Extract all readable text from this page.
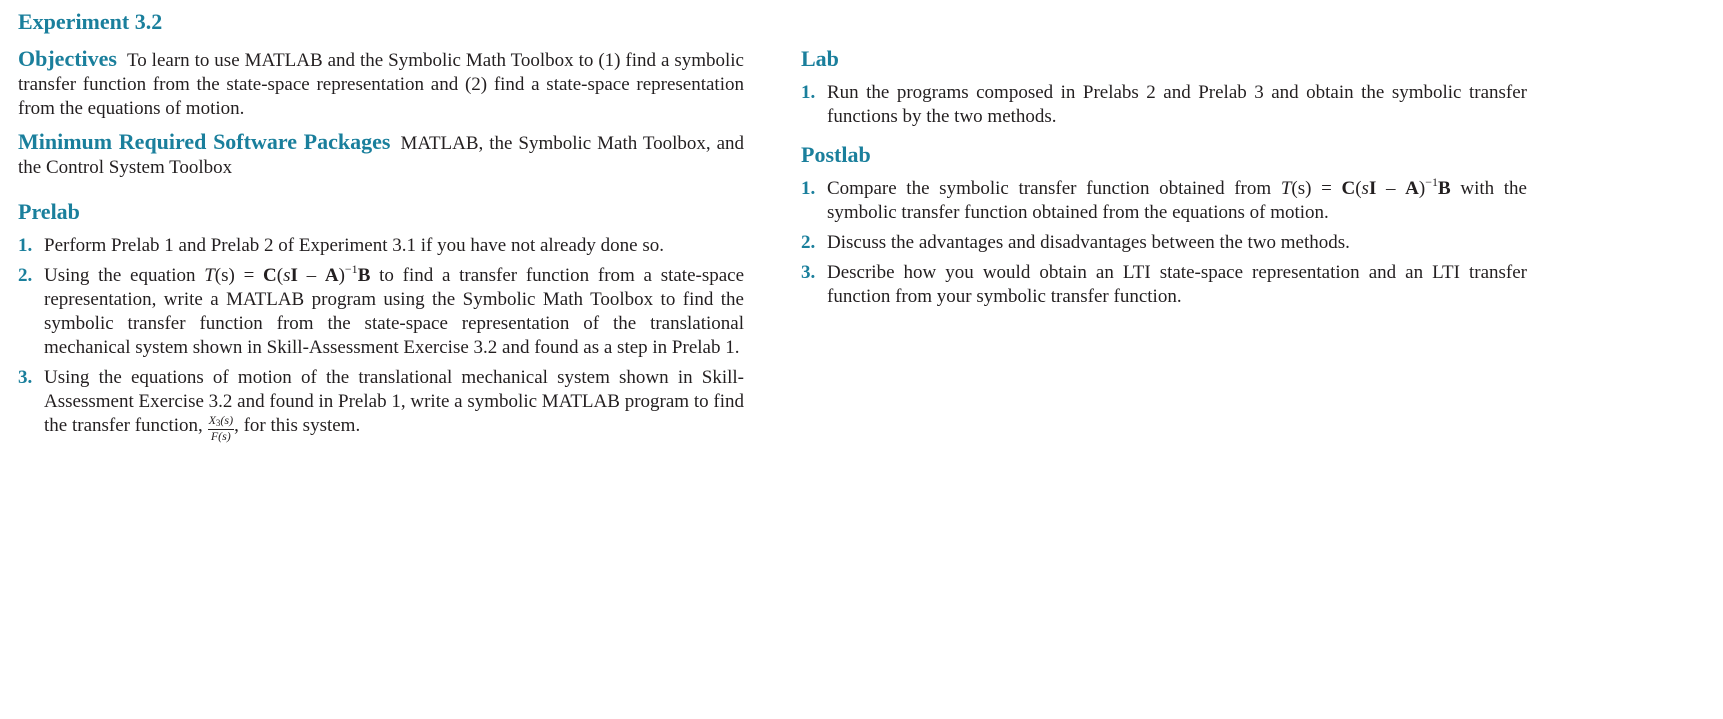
Experiment 3.2

Objectives To learn to use MATLAB and the Symbolic Math Toolbox to (1) find a symbolic transfer function from the state-space representation and (2) find a state-space representation from the equations of motion.

Minimum Required Software Packages MATLAB, the Symbolic Math Toolbox, and the Control System Toolbox

Prelab
1. Perform Prelab 1 and Prelab 2 of Experiment 3.1 if you have not already done so.
2. Using the equation T(s) = C(sI – A)$^{-1}$B to find a transfer function from a state-space representation, write a MATLAB program using the Symbolic Math Toolbox to find the symbolic transfer function from the state-space representation of the translational mechanical system shown in Skill-Assessment Exercise 3.2 and found as a step in Prelab 1.
3. Using the equations of motion of the translational mechanical system shown in Skill-Assessment Exercise 3.2 and found in Prelab 1, write a symbolic MATLAB program to find the transfer function, $\frac{X_3(s)}{F(s)}$ , for this system.
Lab
1. Run the programs composed in Prelabs 2 and Prelab 3 and obtain the symbolic transfer functions by the two methods.
Postlab
1. Compare the symbolic transfer function obtained from T(s) = C(sI – A)$^{-1}$B with the symbolic transfer function obtained from the equations of motion.
2. Discuss the advantages and disadvantages between the two methods.
3. Describe how you would obtain an LTI state-space representation and an LTI transfer function from your symbolic transfer function.
